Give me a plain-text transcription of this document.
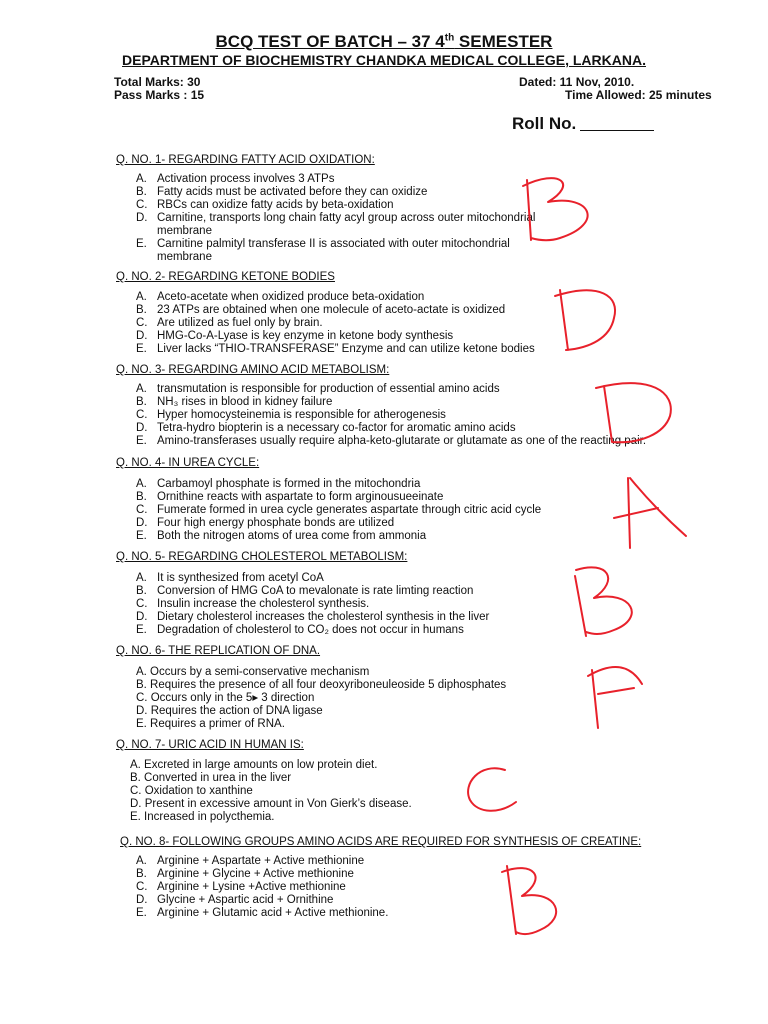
BCQ TEST OF BATCH – 37 4th SEMESTER
DEPARTMENT OF BIOCHEMISTRY CHANDKA MEDICAL COLLEGE, LARKANA.
Total Marks: 30
Pass Marks : 15
Dated: 11 Nov, 2010.
Time Allowed: 25 minutes
Roll No.
Q. NO. 1- REGARDING FATTY ACID OXIDATION:
A. Activation process involves 3 ATPs
B. Fatty acids must be activated before they can oxidize
C. RBCs can oxidize fatty acids by beta-oxidation
D. Carnitine, transports long chain fatty acyl group across outer mitochondrial
membrane
E. Carnitine palmityl transferase II is associated with outer mitochondrial
membrane
Q. NO. 2- REGARDING KETONE BODIES
A. Aceto-acetate when oxidized produce beta-oxidation
B. 23 ATPs are obtained when one molecule of aceto-actate is oxidized
C. Are utilized as fuel only by brain.
D. HMG-Co-A-Lyase is key enzyme in ketone body synthesis
E. Liver lacks “THIO-TRANSFERASE” Enzyme and can utilize ketone bodies
Q. NO. 3- REGARDING AMINO ACID METABOLISM:
A. transmutation is responsible for production of essential amino acids
B. NH₃ rises in blood in kidney failure
C. Hyper homocysteinemia is responsible for atherogenesis
D. Tetra-hydro biopterin is a necessary co-factor for aromatic amino acids
E. Amino-transferases usually require alpha-keto-glutarate or glutamate as one of the reacting pair.
Q. NO. 4- IN UREA CYCLE:
A. Carbamoyl phosphate is formed in the mitochondria
B. Ornithine reacts with aspartate to form arginousueeinate
C. Fumerate formed in urea cycle generates aspartate through citric acid cycle
D. Four high energy phosphate bonds are utilized
E. Both the nitrogen atoms of urea come from ammonia
Q. NO. 5- REGARDING CHOLESTEROL METABOLISM:
A. It is synthesized from acetyl CoA
B. Conversion of HMG CoA to mevalonate is rate limting reaction
C. Insulin increase the cholesterol synthesis.
D. Dietary cholesterol increases the cholesterol synthesis in the liver
E. Degradation of cholesterol to CO₂ does not occur in humans
Q. NO. 6- THE REPLICATION OF DNA.
A. Occurs by a semi-conservative mechanism
B. Requires the presence of all four deoxyriboneuleoside 5 diphosphates
C. Occurs only in the 5▸ 3 direction
D. Requires the action of DNA ligase
E. Requires a primer of RNA.
Q. NO. 7- URIC ACID IN HUMAN IS:
A. Excreted in large amounts on low protein diet.
B. Converted in urea in the liver
C. Oxidation to xanthine
D. Present in excessive amount in Von Gierk’s disease.
E. Increased in polycthemia.
Q. NO. 8- FOLLOWING GROUPS AMINO ACIDS ARE REQUIRED FOR SYNTHESIS OF CREATINE:
A. Arginine + Aspartate + Active methionine
B. Arginine + Glycine + Active methionine
C. Arginine + Lysine +Active methionine
D. Glycine + Aspartic acid + Ornithine
E. Arginine + Glutamic acid + Active methionine.
